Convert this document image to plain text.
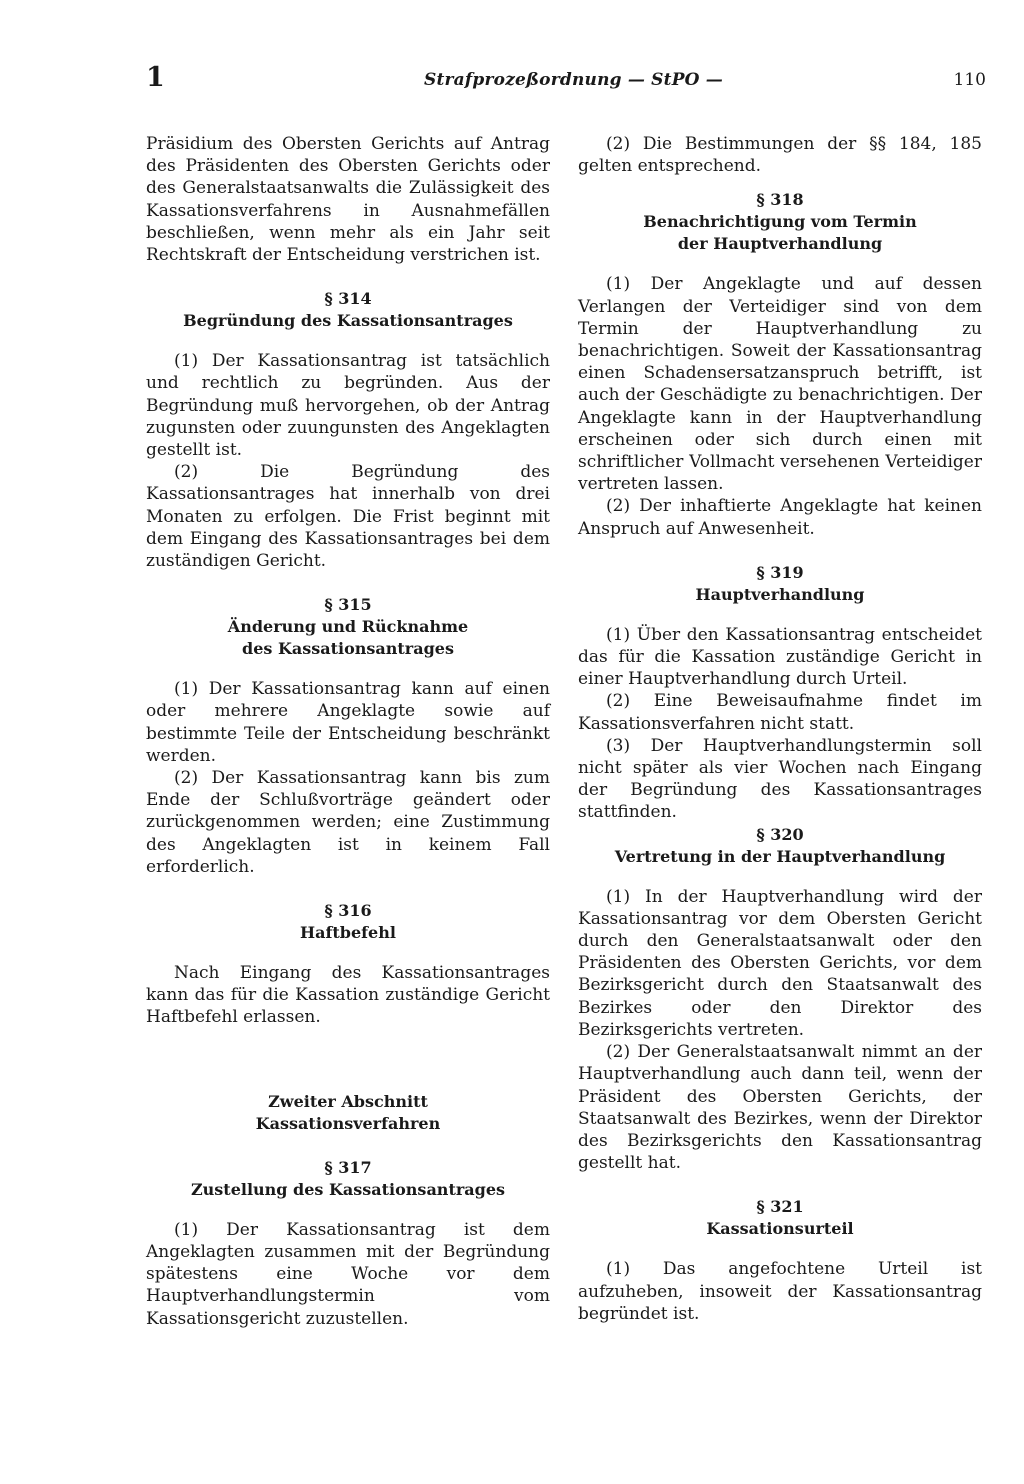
1	Strafprozeßordnung — StPO —	110

Präsidium des Obersten Gerichts auf Antrag des Präsidenten des Obersten Gerichts oder des Generalstaatsanwalts die Zulässigkeit des Kassationsverfahrens in Ausnahmefällen beschließen, wenn mehr als ein Jahr seit Rechtskraft der Entscheidung verstrichen ist.

§ 314
Begründung des Kassationsantrages

(1) Der Kassationsantrag ist tatsächlich und rechtlich zu begründen. Aus der Begründung muß hervorgehen, ob der Antrag zugunsten oder zuungunsten des Angeklagten gestellt ist.

(2) Die Begründung des Kassationsantrages hat innerhalb von drei Monaten zu erfolgen. Die Frist beginnt mit dem Eingang des Kassationsantrages bei dem zuständigen Gericht.

§ 315
Änderung und Rücknahme
des Kassationsantrages

(1) Der Kassationsantrag kann auf einen oder mehrere Angeklagte sowie auf bestimmte Teile der Entscheidung beschränkt werden.

(2) Der Kassationsantrag kann bis zum Ende der Schlußvorträge geändert oder zurückgenommen werden; eine Zustimmung des Angeklagten ist in keinem Fall erforderlich.

§ 316
Haftbefehl

Nach Eingang des Kassationsantrages kann das für die Kassation zuständige Gericht Haftbefehl erlassen.

Zweiter Abschnitt
Kassationsverfahren
§ 317
Zustellung des Kassationsantrages

(1) Der Kassationsantrag ist dem Angeklagten zusammen mit der Begründung spätestens eine Woche vor dem Hauptverhandlungstermin vom Kassationsgericht zuzustellen.

(2) Die Bestimmungen der §§ 184, 185 gelten entsprechend.

§ 318
Benachrichtigung vom Termin
der Hauptverhandlung

(1) Der Angeklagte und auf dessen Verlangen der Verteidiger sind von dem Termin der Hauptverhandlung zu benachrichtigen. Soweit der Kassationsantrag einen Schadensersatzanspruch betrifft, ist auch der Geschädigte zu benachrichtigen. Der Angeklagte kann in der Hauptverhandlung erscheinen oder sich durch einen mit schriftlicher Vollmacht versehenen Verteidiger vertreten lassen.

(2) Der inhaftierte Angeklagte hat keinen Anspruch auf Anwesenheit.

§ 319
Hauptverhandlung

(1) Über den Kassationsantrag entscheidet das für die Kassation zuständige Gericht in einer Hauptverhandlung durch Urteil.

(2) Eine Beweisaufnahme findet im Kassationsverfahren nicht statt.

(3) Der Hauptverhandlungstermin soll nicht später als vier Wochen nach Eingang der Begründung des Kassationsantrages stattfinden.

§ 320
Vertretung in der Hauptverhandlung

(1) In der Hauptverhandlung wird der Kassationsantrag vor dem Obersten Gericht durch den Generalstaatsanwalt oder den Präsidenten des Obersten Gerichts, vor dem Bezirksgericht durch den Staatsanwalt des Bezirkes oder den Direktor des Bezirksgerichts vertreten.

(2) Der Generalstaatsanwalt nimmt an der Hauptverhandlung auch dann teil, wenn der Präsident des Obersten Gerichts, der Staatsanwalt des Bezirkes, wenn der Direktor des Bezirksgerichts den Kassationsantrag gestellt hat.

§ 321
Kassationsurteil

(1) Das angefochtene Urteil ist aufzuheben, insoweit der Kassationsantrag begründet ist.
